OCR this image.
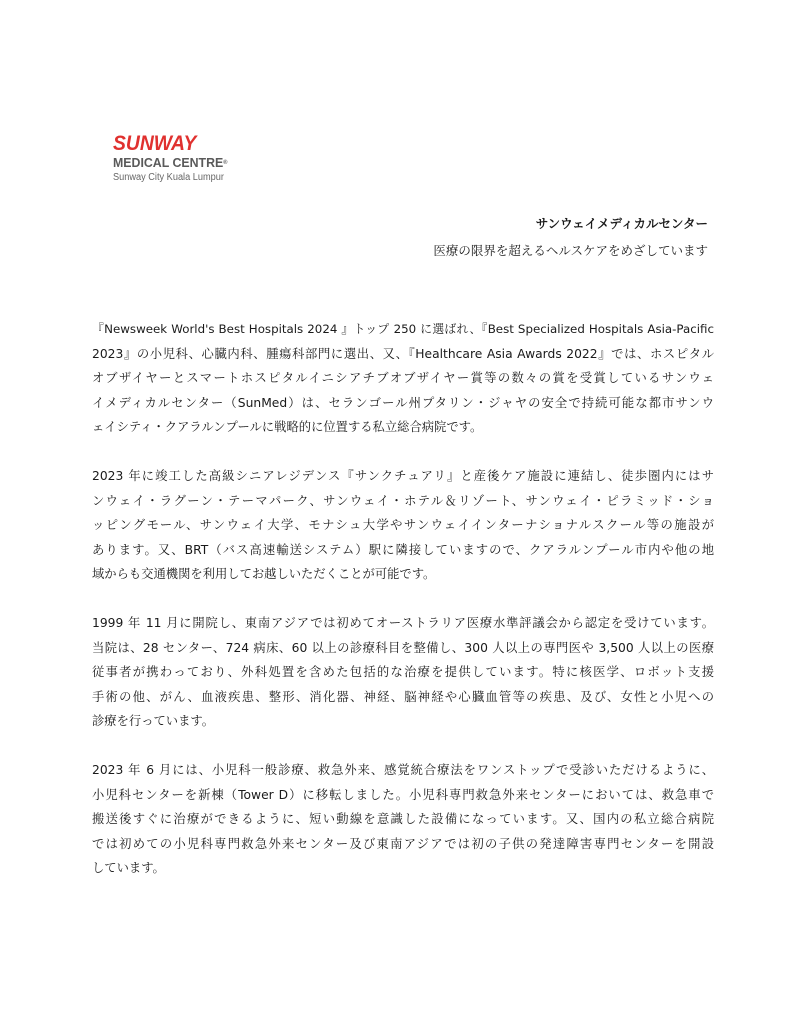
SUNWAY
MEDICAL CENTRE®
Sunway City Kuala Lumpur
サンウェイメディカルセンター
医療の限界を超えるヘルスケアをめざしています

『Newsweek World's Best Hospitals 2024 』トップ 250 に選ばれ、『Best Specialized Hospitals Asia-Pacific
2023』の小児科、心臓内科、腫瘍科部門に選出、又、『Healthcare Asia Awards 2022』では、ホスピタル
オブザイヤーとスマートホスピタルイニシアチブオブザイヤー賞等の数々の賞を受賞しているサンウェ
イメディカルセンター（SunMed）は、セランゴール州プタリン・ジャヤの安全で持続可能な都市サンウ
ェイシティ・クアラルンプールに戦略的に位置する私立総合病院です。

2023 年に竣工した高級シニアレジデンス『サンクチュアリ』と産後ケア施設に連結し、徒歩圏内にはサ
ンウェイ・ラグーン・テーマパーク、サンウェイ・ホテル＆リゾート、サンウェイ・ピラミッド・ショ
ッピングモール、サンウェイ大学、モナシュ大学やサンウェイインターナショナルスクール等の施設が
あります。又、BRT（バス高速輸送システム）駅に隣接していますので、クアラルンプール市内や他の地
域からも交通機関を利用してお越しいただくことが可能です。

1999 年 11 月に開院し、東南アジアでは初めてオーストラリア医療水準評議会から認定を受けています。
当院は、28 センター、724 病床、60 以上の診療科目を整備し、300 人以上の専門医や 3,500 人以上の医療
従事者が携わっており、外科処置を含めた包括的な治療を提供しています。特に核医学、ロボット支援
手術の他、がん、血液疾患、整形、消化器、神経、脳神経や心臓血管等の疾患、及び、女性と小児への
診療を行っています。

2023 年 6 月には、小児科一般診療、救急外来、感覚統合療法をワンストップで受診いただけるように、
小児科センターを新棟（Tower D）に移転しました。小児科専門救急外来センターにおいては、救急車で
搬送後すぐに治療ができるように、短い動線を意識した設備になっています。又、国内の私立総合病院
では初めての小児科専門救急外来センター及び東南アジアでは初の子供の発達障害専門センターを開設
しています。
